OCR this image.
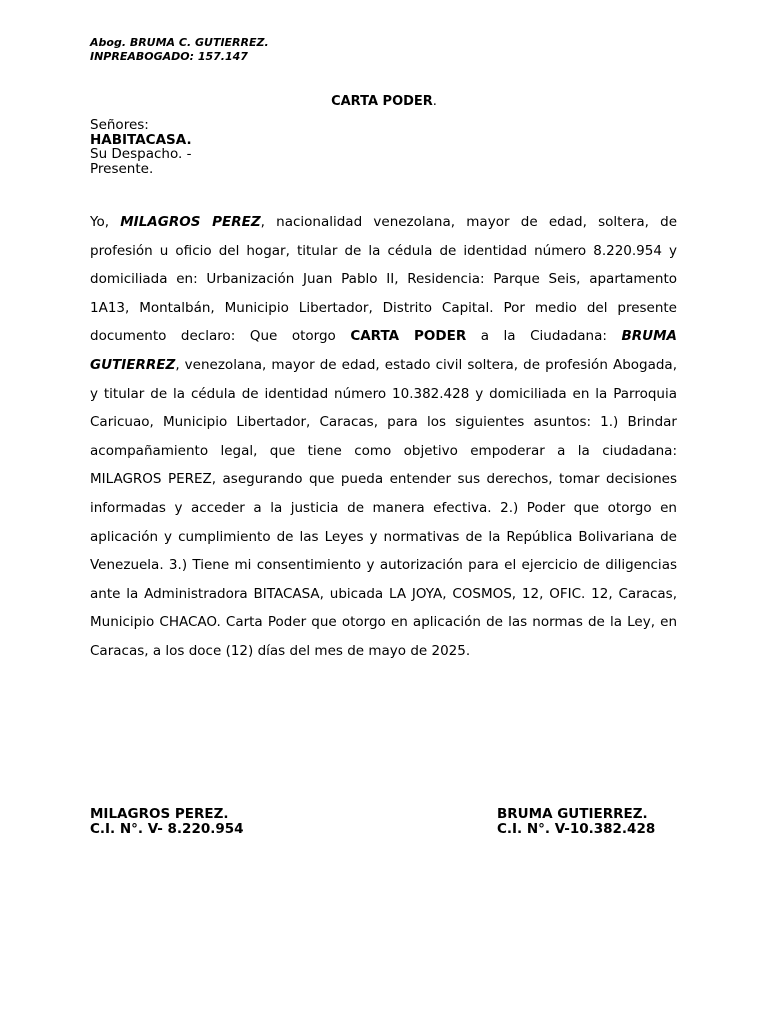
Abog. BRUMA C. GUTIERREZ.
INPREABOGADO: 157.147
CARTA PODER.
Señores:
HABITACASA.
Su Despacho. -
Presente.
Yo, MILAGROS PEREZ, nacionalidad venezolana, mayor de edad, soltera, de profesión u oficio del hogar, titular de la cédula de identidad número 8.220.954 y domiciliada en: Urbanización Juan Pablo II, Residencia: Parque Seis, apartamento 1A13, Montalbán, Municipio Libertador, Distrito Capital. Por medio del presente documento declaro: Que otorgo CARTA PODER a la Ciudadana: BRUMA GUTIERREZ, venezolana, mayor de edad, estado civil soltera, de profesión Abogada, y titular de la cédula de identidad número 10.382.428 y domiciliada en la Parroquia Caricuao, Municipio Libertador, Caracas, para los siguientes asuntos: 1.) Brindar acompañamiento legal, que tiene como objetivo empoderar a la ciudadana: MILAGROS PEREZ, asegurando que pueda entender sus derechos, tomar decisiones informadas y acceder a la justicia de manera efectiva. 2.) Poder que otorgo en aplicación y cumplimiento de las Leyes y normativas de la República Bolivariana de Venezuela. 3.) Tiene mi consentimiento y autorización para el ejercicio de diligencias ante la Administradora BITACASA, ubicada LA JOYA, COSMOS, 12, OFIC. 12, Caracas, Municipio CHACAO. Carta Poder que otorgo en aplicación de las normas de la Ley, en Caracas, a los doce (12) días del mes de mayo de 2025.
MILAGROS PEREZ.
C.I. N°. V- 8.220.954
BRUMA GUTIERREZ.
C.I. N°. V-10.382.428
